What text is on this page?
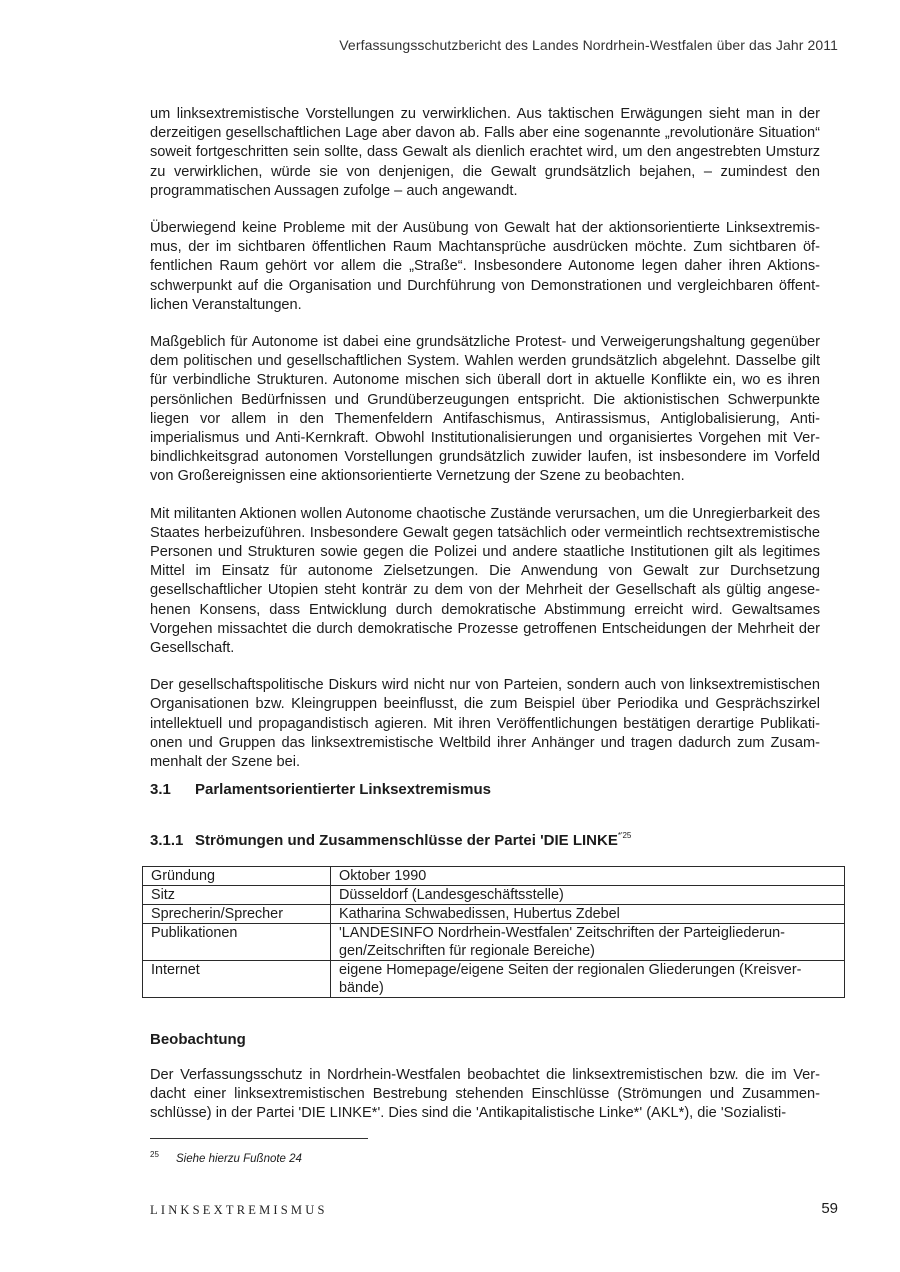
Verfassungsschutzbericht des Landes Nordrhein-Westfalen über das Jahr 2011

um linksextremistische Vorstellungen zu verwirklichen. Aus taktischen Erwägungen sieht man in der derzeitigen gesellschaftlichen Lage aber davon ab. Falls aber eine sogenannte „revolutionäre Situation“ soweit fortgeschritten sein sollte, dass Gewalt als dienlich erachtet wird, um den angestrebten Umsturz zu verwirklichen, würde sie von denjenigen, die Gewalt grundsätzlich bejahen, – zumindest den programmatischen Aussagen zufolge – auch angewandt.

Überwiegend keine Probleme mit der Ausübung von Gewalt hat der aktionsorientierte Linksextremismus, der im sichtbaren öffentlichen Raum Machtansprüche ausdrücken möchte. Zum sichtbaren öffentlichen Raum gehört vor allem die „Straße“. Insbesondere Autonome legen daher ihren Aktionsschwerpunkt auf die Organisation und Durchführung von Demonstrationen und vergleichbaren öffentlichen Veranstaltungen.

Maßgeblich für Autonome ist dabei eine grundsätzliche Protest- und Verweigerungshaltung gegenüber dem politischen und gesellschaftlichen System. Wahlen werden grundsätzlich abgelehnt. Dasselbe gilt für verbindliche Strukturen. Autonome mischen sich überall dort in aktuelle Konflikte ein, wo es ihren persönlichen Bedürfnissen und Grundüberzeugungen entspricht. Die aktionistischen Schwerpunkte liegen vor allem in den Themenfeldern Antifaschismus, Antirassismus, Antiglobalisierung, Antiimperialismus und Anti-Kernkraft. Obwohl Institutionalisierungen und organisiertes Vorgehen mit Verbindlichkeitsgrad autonomen Vorstellungen grundsätzlich zuwider laufen, ist insbesondere im Vorfeld von Großereignissen eine aktionsorientierte Vernetzung der Szene zu beobachten.

Mit militanten Aktionen wollen Autonome chaotische Zustände verursachen, um die Unregierbarkeit des Staates herbeizuführen. Insbesondere Gewalt gegen tatsächlich oder vermeintlich rechtsextremistische Personen und Strukturen sowie gegen die Polizei und andere staatliche Institutionen gilt als legitimes Mittel im Einsatz für autonome Zielsetzungen. Die Anwendung von Gewalt zur Durchsetzung gesellschaftlicher Utopien steht konträr zu dem von der Mehrheit der Gesellschaft als gültig angesehenen Konsens, dass Entwicklung durch demokratische Abstimmung erreicht wird. Gewaltsames Vorgehen missachtet die durch demokratische Prozesse getroffenen Entscheidungen der Mehrheit der Gesellschaft.

Der gesellschaftspolitische Diskurs wird nicht nur von Parteien, sondern auch von linksextremistischen Organisationen bzw. Kleingruppen beeinflusst, die zum Beispiel über Periodika und Gesprächszirkel intellektuell und propagandistisch agieren. Mit ihren Veröffentlichungen bestätigen derartige Publikationen und Gruppen das linksextremistische Weltbild ihrer Anhänger und tragen dadurch zum Zusammenhalt der Szene bei.

3.1 Parlamentsorientierter Linksextremismus
3.1.1 Strömungen und Zusammenschlüsse der Partei 'DIE $LINKE^{*'25}$
Gründung	Oktober 1990
Sitz	Düsseldorf (Landesgeschäftsstelle)
Sprecherin/Sprecher	Katharina Schwabedissen, Hubertus Zdebel
Publikationen	'LANDESINFO Nordrhein-Westfalen' Zeitschriften der Parteigliederungen/Zeitschriften für regionale Bereiche)
Internet	eigene Homepage/eigene Seiten der regionalen Gliederungen (Kreisverbände)
Beobachtung

Der Verfassungsschutz in Nordrhein-Westfalen beobachtet die linksextremistischen bzw. die im Verdacht einer linksextremistischen Bestrebung stehenden Einschlüsse (Strömungen und Zusammenschlüsse) in der Partei 'DIE LINKE*'. Dies sind die 'Antikapitalistische Linke*' (AKL*), die 'Sozialisti-

25 Siehe hierzu Fußnote 24
LINKSEXTREMISMUS	59
